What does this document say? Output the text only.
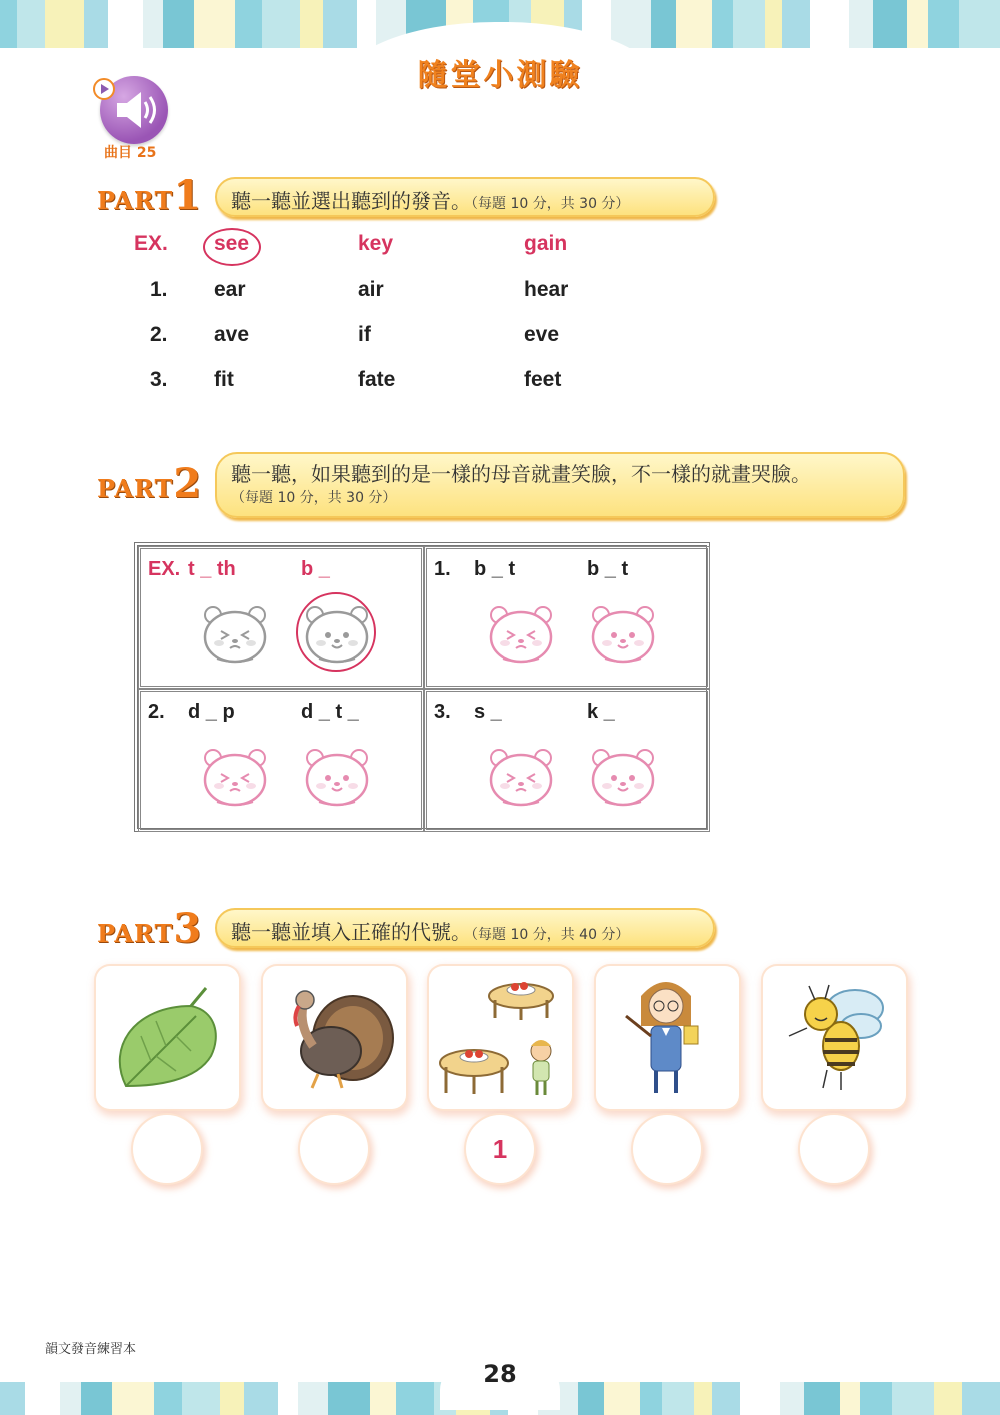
隨堂小測驗
曲目 25
PART1	聽一聽並選出聽到的發音。（每題 10 分，共 30 分）
EX. see	key	gain
1. ear	air	hear
2. ave	if	eve
3. fit	fate	feet
PART2 聽一聽，如果聽到的是一樣的母音就畫笑臉，不一樣的就畫哭臉。
（每題 10 分，共 30 分）
EX. t _ th	b _	1. b _ t	b _ t
2. d _ p	d _ t _	3. s _	k _
PART3	聽一聽並填入正確的代號。（每題 10 分，共 40 分）
1
韻文發音練習本
28
